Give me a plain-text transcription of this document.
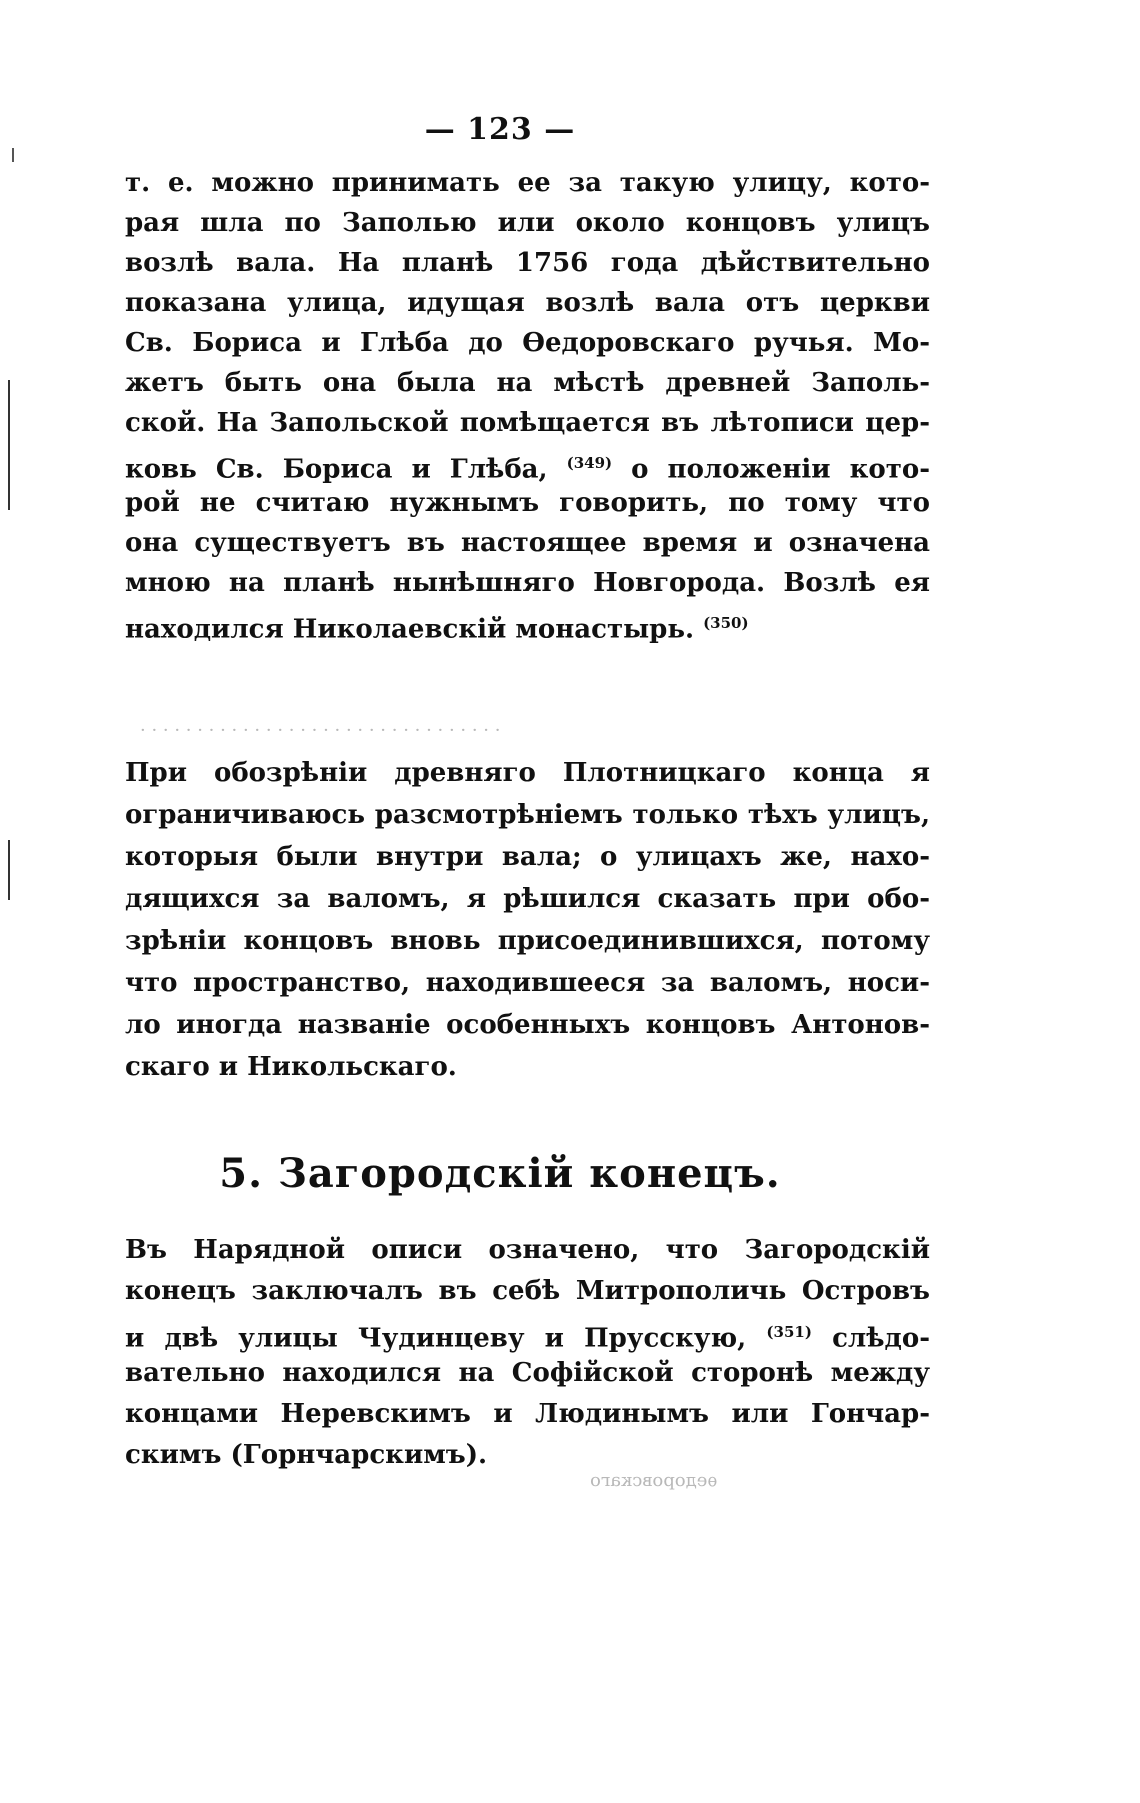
— 123 —
т. е. можно принимать ее за такую улицу, кото-
рая шла по Заполью или около концовъ улицъ
возлѣ вала. На планѣ 1756 года дѣйствительно
показана улица, идущая возлѣ вала отъ церкви
Св. Бориса и Глѣба до Ѳедоровскаго ручья. Мо-
жетъ быть она была на мѣстѣ древней Заполь-
ской. На Запольской помѣщается въ лѣтописи цер-
ковь Св. Бориса и Глѣба, $^{(349)}$ о положеніи кото-
рой не считаю нужнымъ говорить, по тому что
она существуетъ въ настоящее время и означена
мною на планѣ нынѣшняго Новгорода. Возлѣ ея
находился Николаевскій монастырь. $^{(350)}$
· · · · · · · · · · · · · · · · · · · · · · · · · · · · · · · ·
При обозрѣніи древняго Плотницкаго конца я
ограничиваюсь разсмотрѣніемъ только тѣхъ улицъ,
которыя были внутри вала; о улицахъ же, нахо-
дящихся за валомъ, я рѣшился сказать при обо-
зрѣніи концовъ вновь присоединившихся, потому
что пространство, находившееся за валомъ, носи-
ло иногда названіе особенныхъ концовъ Антонов-
скаго и Никольскаго.
5. Загородскій конецъ.
Въ Нарядной описи означено, что Загородскій
конецъ заключалъ въ себѣ Митрополичь Островъ
и двѣ улицы Чудинцеву и Прусскую, $^{(351)}$ слѣдо-
вательно находился на Софійской сторонѣ между
концами Неревскимъ и Людинымъ или Гончар-
скимъ (Горнчарскимъ).
ѳедоровскаго
